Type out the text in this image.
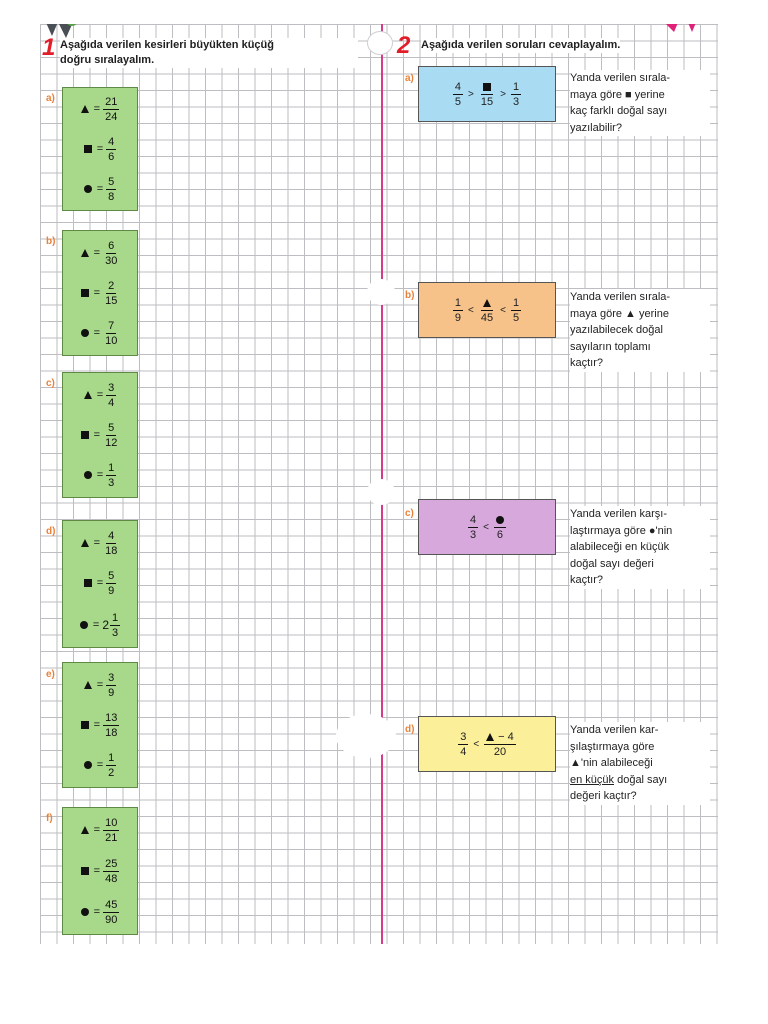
1 Aşağıda verilen kesirleri büyükten küçüğ
doğru sıralayalım.
a)
= $\frac{21}{24}$
= $\frac{4}{6}$
= $\frac{5}{8}$
b)
= $\frac{6}{30}$
= $\frac{2}{15}$
= $\frac{7}{10}$
c)
= $\frac{3}{4}$
= $\frac{5}{12}$
= $\frac{1}{3}$
d)
= $\frac{4}{18}$
= $\frac{5}{9}$
= $2 \frac{1}{3}$
e)
= $\frac{3}{9}$
= $\frac{13}{18}$
= $\frac{1}{2}$
f)
= $\frac{10}{21}$
= $\frac{25}{48}$
= $\frac{45}{90}$
2 Aşağıda verilen soruları cevaplayalım.
a)
$\frac{4}{5}$ >
15
> $\frac{1}{3}$
Yanda verilen sırala-
maya göre ■ yerine
kaç farklı doğal sayı
yazılabilir?
b)	$\frac{1}{9}$ <
45
< $\frac{1}{5}$	Yanda verilen sırala-
maya göre ▲ yerine
yazılabilecek doğal
sayıların toplamı
kaçtır?
c)	$\frac{4}{3}$ <
6
Yanda verilen karşı-
laştırmaya göre ●'nin
alabileceği en küçük
doğal sayı değeri
kaçtır?
d)	$\frac{3}{4} < \frac{- 4}{20}$	Yanda verilen kar-
şılaştırmaya göre
▲'nin alabileceği
en küçük doğal sayı
değeri kaçtır?
